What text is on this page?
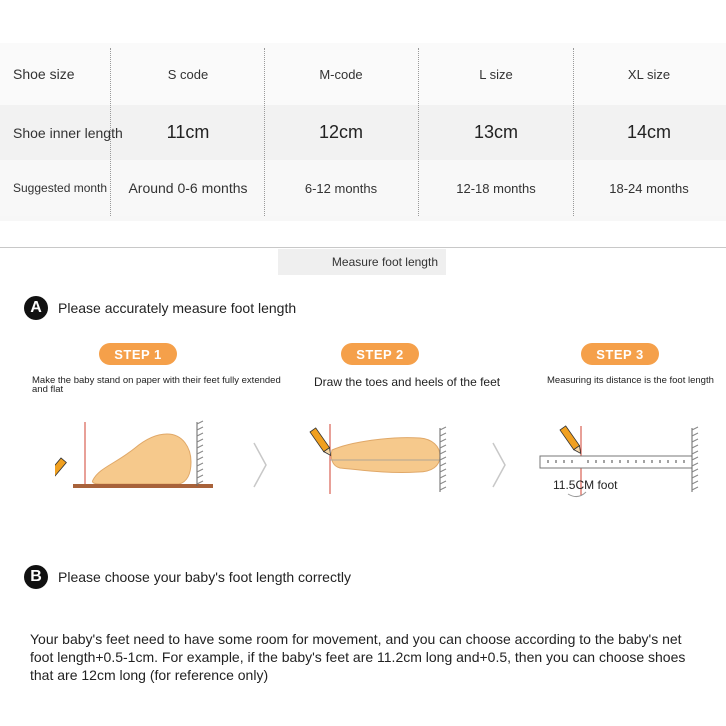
Shoe size	S code	M-code	L size	XL size
Shoe inner length	11cm	12cm	13cm	14cm
Suggested month	Around 0-6 months	6-12 months	12-18 months	18-24 months
Measure foot length
A	Please accurately measure foot length
STEP 1	STEP 2	STEP 3
Make the baby stand on paper with their feet fully extended and flat
Draw the toes and heels of the feet	Measuring its distance is the foot length
11.5CM foot
B	Please choose your baby's foot length correctly
Your baby's feet need to have some room for movement, and you can choose according to the baby's net foot length+0.5-1cm. For example, if the baby's feet are 11.2cm long and+0.5, then you can choose shoes that are 12cm long (for reference only)
